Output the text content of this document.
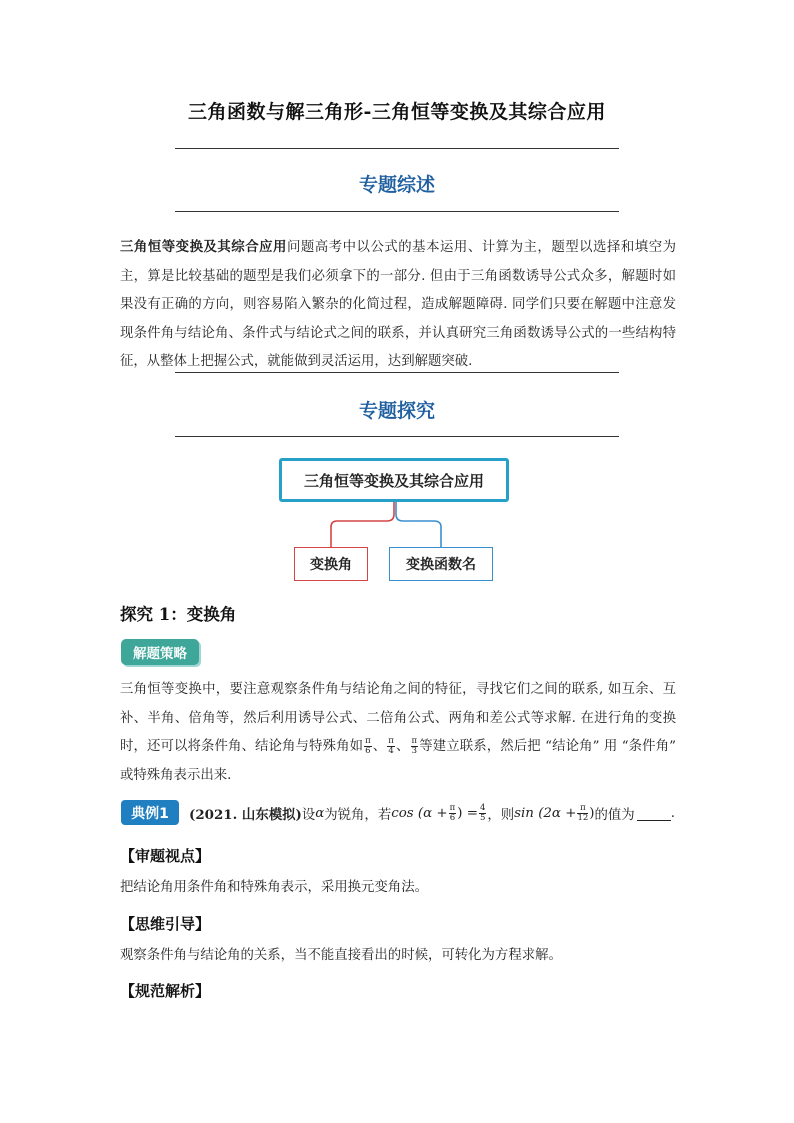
三角函数与解三角形-三角恒等变换及其综合应用
专题综述
三角恒等变换及其综合应用问题高考中以公式的基本运用、计算为主，题型以选择和填空为主，算是比较基础的题型是我们必须拿下的一部分. 但由于三角函数诱导公式众多，解题时如果没有正确的方向，则容易陷入繁杂的化简过程，造成解题障碍. 同学们只要在解题中注意发现条件角与结论角、条件式与结论式之间的联系，并认真研究三角函数诱导公式的一些结构特征，从整体上把握公式，就能做到灵活运用，达到解题突破.
专题探究
三角恒等变换及其综合应用
变换角	变换函数名
探究 1：变换角
解题策略
三角恒等变换中，要注意观察条件角与结论角之间的特征，寻找它们之间的联系, 如互余、互补、半角、倍角等，然后利用诱导公式、二倍角公式、两角和差公式等求解. 在进行角的变换时，还可以将条件角、结论角与特殊角如 $\frac{\pi}{6}$ 、 $\frac{\pi}{4}$ 、 $\frac{\pi}{3}$ 等建立联系，然后把 “结论角” 用 “条件角” 或特殊角表示出来.
典例1	(2021. 山东模拟) 设 α 为锐角，若 $\cos (\alpha + \frac{\pi}{6}$ ) = $\frac{4}{5}$ ，则 $\sin (2\alpha + \frac{\pi}{12}$ ) 的值为	.
【审题视点】
把结论角用条件角和特殊角表示，采用换元变角法。
【思维引导】
观察条件角与结论角的关系，当不能直接看出的时候，可转化为方程求解。
【规范解析】
